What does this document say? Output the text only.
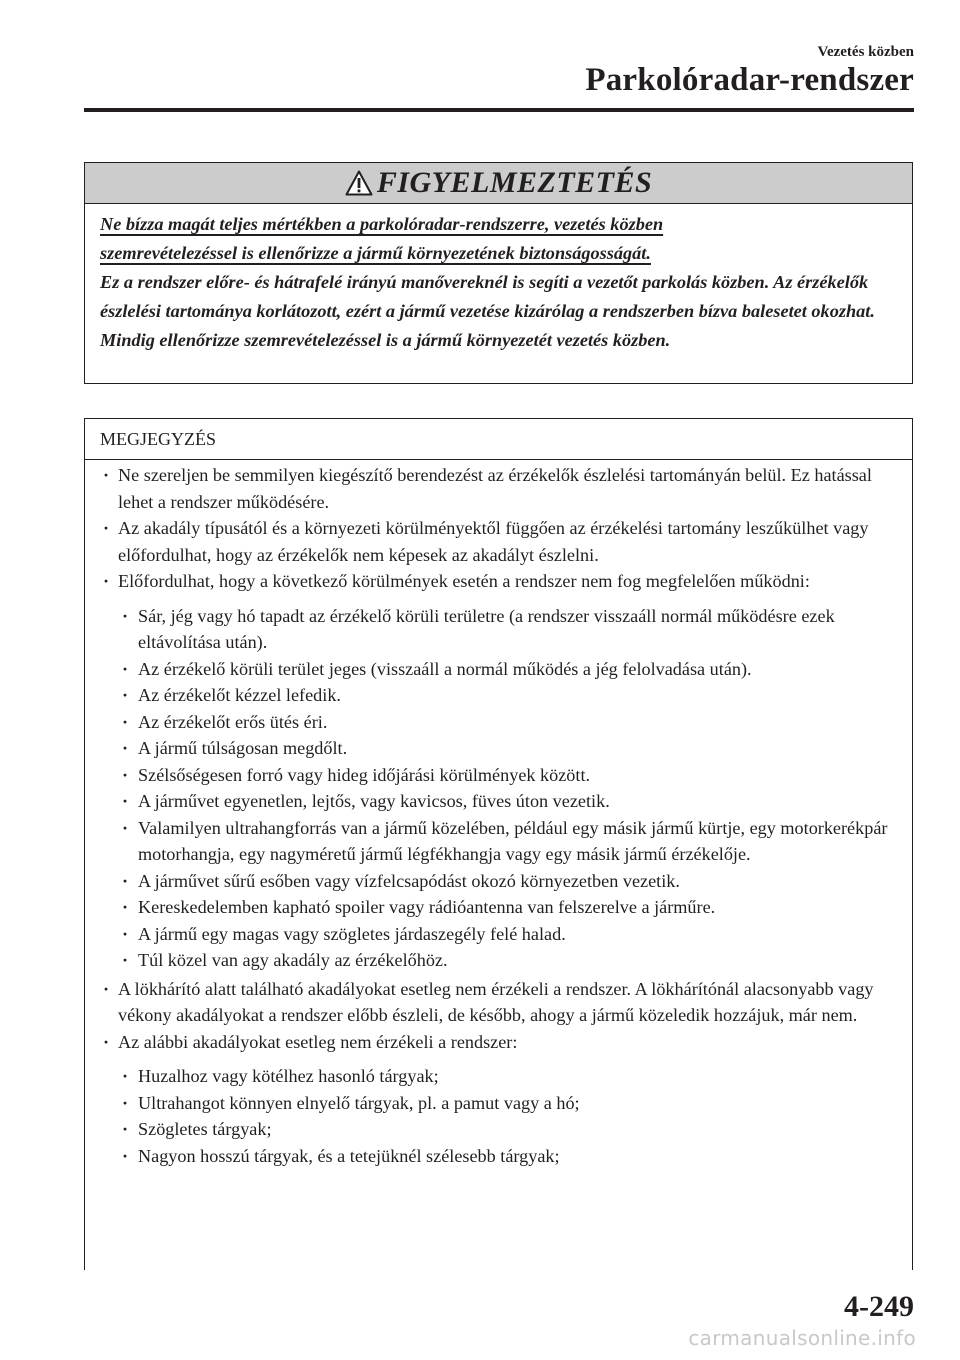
Vezetés közben
Parkolóradar-rendszer
FIGYELMEZTETÉS

Ne bízza magát teljes mértékben a parkolóradar-rendszerre, vezetés közben

szemrevételezéssel is ellenőrizze a jármű környezetének biztonságosságát.

Ez a rendszer előre- és hátrafelé irányú manővereknél is segíti a vezetőt parkolás közben. Az érzékelők észlelési tartománya korlátozott, ezért a jármű vezetése kizárólag a rendszerben bízva balesetet okozhat. Mindig ellenőrizze szemrevételezéssel is a jármű környezetét vezetés közben.

MEGJEGYZÉS
· Ne szereljen be semmilyen kiegészítő berendezést az érzékelők észlelési tartományán belül. Ez hatással lehet a rendszer működésére.
· Az akadály típusától és a környezeti körülményektől függően az érzékelési tartomány leszűkülhet vagy előfordulhat, hogy az érzékelők nem képesek az akadályt észlelni.
· Előfordulhat, hogy a következő körülmények esetén a rendszer nem fog megfelelően működni:
· Sár, jég vagy hó tapadt az érzékelő körüli területre (a rendszer visszaáll normál működésre ezek eltávolítása után).
· Az érzékelő körüli terület jeges (visszaáll a normál működés a jég felolvadása után).
· Az érzékelőt kézzel lefedik.
· Az érzékelőt erős ütés éri.
· A jármű túlságosan megdőlt.
· Szélsőségesen forró vagy hideg időjárási körülmények között.
· A járművet egyenetlen, lejtős, vagy kavicsos, füves úton vezetik.
· Valamilyen ultrahangforrás van a jármű közelében, például egy másik jármű kürtje, egy motorkerékpár motorhangja, egy nagyméretű jármű légfékhangja vagy egy másik jármű érzékelője.
· A járművet sűrű esőben vagy vízfelcsapódást okozó környezetben vezetik.
· Kereskedelemben kapható spoiler vagy rádióantenna van felszerelve a járműre.
· A jármű egy magas vagy szögletes járdaszegély felé halad.
· Túl közel van agy akadály az érzékelőhöz.
· A lökhárító alatt található akadályokat esetleg nem érzékeli a rendszer. A lökhárítónál alacsonyabb vagy vékony akadályokat a rendszer előbb észleli, de később, ahogy a jármű közeledik hozzájuk, már nem.
· Az alábbi akadályokat esetleg nem érzékeli a rendszer:
· Huzalhoz vagy kötélhez hasonló tárgyak;
· Ultrahangot könnyen elnyelő tárgyak, pl. a pamut vagy a hó;
· Szögletes tárgyak;
· Nagyon hosszú tárgyak, és a tetejüknél szélesebb tárgyak;
4-249
carmanualsonline.info
